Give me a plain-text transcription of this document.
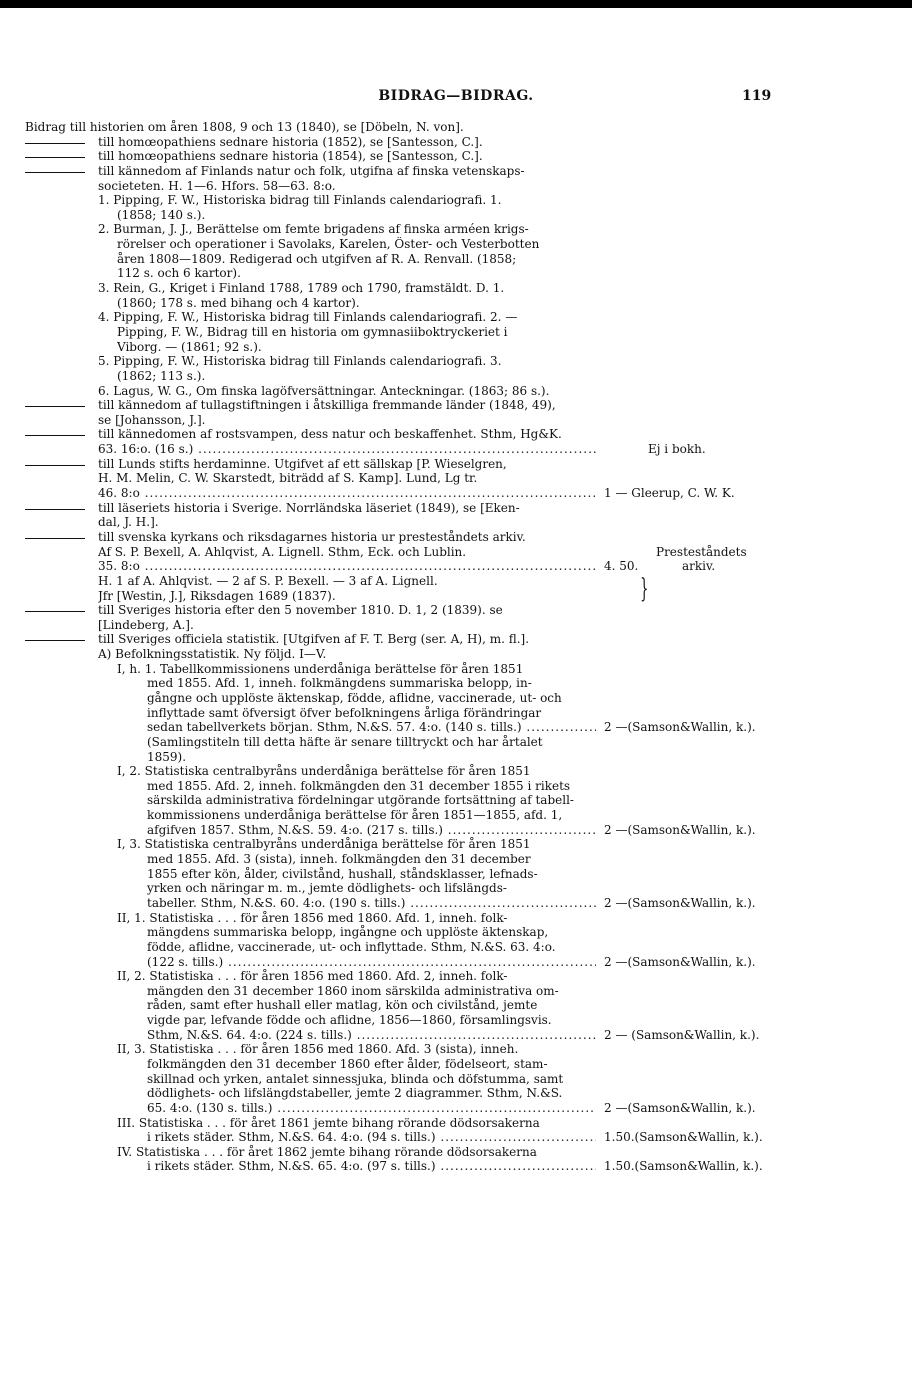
BIDRAG—BIDRAG.	119
Bidrag till historien om åren 1808, 9 och 13 (1840), se [Döbeln, N. von].
till homœopathiens sednare historia (1852), se [Santesson, C.].
till homœopathiens sednare historia (1854), se [Santesson, C.].
till kännedom af Finlands natur och folk, utgifna af finska vetenskaps-
societeten. H. 1—6. Hfors. 58—63. 8:o.
1. Pipping, F. W., Historiska bidrag till Finlands calendariografi. 1.
(1858; 140 s.).
2. Burman, J. J., Berättelse om femte brigadens af finska arméen krigs-
rörelser och operationer i Savolaks, Karelen, Öster- och Vesterbotten
åren 1808—1809. Redigerad och utgifven af R. A. Renvall. (1858;
112 s. och 6 kartor).
3. Rein, G., Kriget i Finland 1788, 1789 och 1790, framstäldt. D. 1.
(1860; 178 s. med bihang och 4 kartor).
4. Pipping, F. W., Historiska bidrag till Finlands calendariografi. 2. —
Pipping, F. W., Bidrag till en historia om gymnasiiboktryckeriet i
Viborg. — (1861; 92 s.).
5. Pipping, F. W., Historiska bidrag till Finlands calendariografi. 3.
(1862; 113 s.).
6. Lagus, W. G., Om finska lagöfversättningar. Anteckningar. (1863; 86 s.).
till kännedom af tullagstiftningen i åtskilliga fremmande länder (1848, 49),
se [Johansson, J.].
till kännedomen af rostsvampen, dess natur och beskaffenhet. Sthm, Hg&K.
63. 16:o. (16 s.) .....	Ej i bokh.
till Lunds stifts herdaminne. Utgifvet af ett sällskap [P. Wieselgren,
H. M. Melin, C. W. Skarstedt, biträdd af S. Kamp]. Lund, Lg tr.
46. 8:o .....	1 — Gleerup, C. W. K.
till läseriets historia i Sverige. Norrländska läseriet (1849), se [Eken-
dal, J. H.].
till svenska kyrkans och riksdagarnes historia ur presteståndets arkiv.
Af S. P. Bexell, A. Ahlqvist, A. Lignell. Sthm, Eck. och Lublin.	Presteståndets
35. 8:o .....	4. 50.	arkiv.
H. 1 af A. Ahlqvist. — 2 af S. P. Bexell. — 3 af A. Lignell.
Jfr [Westin, J.], Riksdagen 1689 (1837).
till Sveriges historia efter den 5 november 1810. D. 1, 2 (1839). se
[Lindeberg, A.].
till Sveriges officiela statistik. [Utgifven af F. T. Berg (ser. A, H), m. fl.].
A) Befolkningsstatistik. Ny följd. I—V.
I, h. 1. Tabellkommissionens underdåniga berättelse för åren 1851
med 1855. Afd. 1, inneh. folkmängdens summariska belopp, in-
gångne och upplöste äktenskap, födde, aflidne, vaccinerade, ut- och
inflyttade samt öfversigt öfver befolkningens årliga förändringar
sedan tabellverkets början. Sthm, N.&S. 57. 4:o. (140 s. tills.) .....	2 —(Samson&Wallin, k.).
(Samlingstiteln till detta häfte är senare tilltryckt och har årtalet
1859).
I, 2. Statistiska centralbyråns underdåniga berättelse för åren 1851
med 1855. Afd. 2, inneh. folkmängden den 31 december 1855 i rikets
särskilda administrativa fördelningar utgörande fortsättning af tabell-
kommissionens underdåniga berättelse för åren 1851—1855, afd. 1,
afgifven 1857. Sthm, N.&S. 59. 4:o. (217 s. tills.) .....	2 —(Samson&Wallin, k.).
I, 3. Statistiska centralbyråns underdåniga berättelse för åren 1851
med 1855. Afd. 3 (sista), inneh. folkmängden den 31 december
1855 efter kön, ålder, civilstånd, hushall, ståndsklasser, lefnads-
yrken och näringar m. m., jemte dödlighets- och lifslängds-
tabeller. Sthm, N.&S. 60. 4:o. (190 s. tills.) .....	2 —(Samson&Wallin, k.).
II, 1. Statistiska . . . för åren 1856 med 1860. Afd. 1, inneh. folk-
mängdens summariska belopp, ingångne och upplöste äktenskap,
födde, aflidne, vaccinerade, ut- och inflyttade. Sthm, N.&S. 63. 4:o.
(122 s. tills.) .....	2 —(Samson&Wallin, k.).
II, 2. Statistiska . . . för åren 1856 med 1860. Afd. 2, inneh. folk-
mängden den 31 december 1860 inom särskilda administrativa om-
råden, samt efter hushall eller matlag, kön och civilstånd, jemte
vigde par, lefvande födde och aflidne, 1856—1860, församlingsvis.
Sthm, N.&S. 64. 4:o. (224 s. tills.) .....	2 — (Samson&Wallin, k.).
II, 3. Statistiska . . . för åren 1856 med 1860. Afd. 3 (sista), inneh.
folkmängden den 31 december 1860 efter ålder, födelseort, stam-
skillnad och yrken, antalet sinnessjuka, blinda och döfstumma, samt
dödlighets- och lifslängdstabeller, jemte 2 diagrammer. Sthm, N.&S.
65. 4:o. (130 s. tills.) .....	2 —(Samson&Wallin, k.).
III. Statistiska . . . för året 1861 jemte bihang rörande dödsorsakerna
i rikets städer. Sthm, N.&S. 64. 4:o. (94 s. tills.) .....	1.50.(Samson&Wallin, k.).
IV. Statistiska . . . för året 1862 jemte bihang rörande dödsorsakerna
i rikets städer. Sthm, N.&S. 65. 4:o. (97 s. tills.) .....	1.50.(Samson&Wallin, k.).
}
